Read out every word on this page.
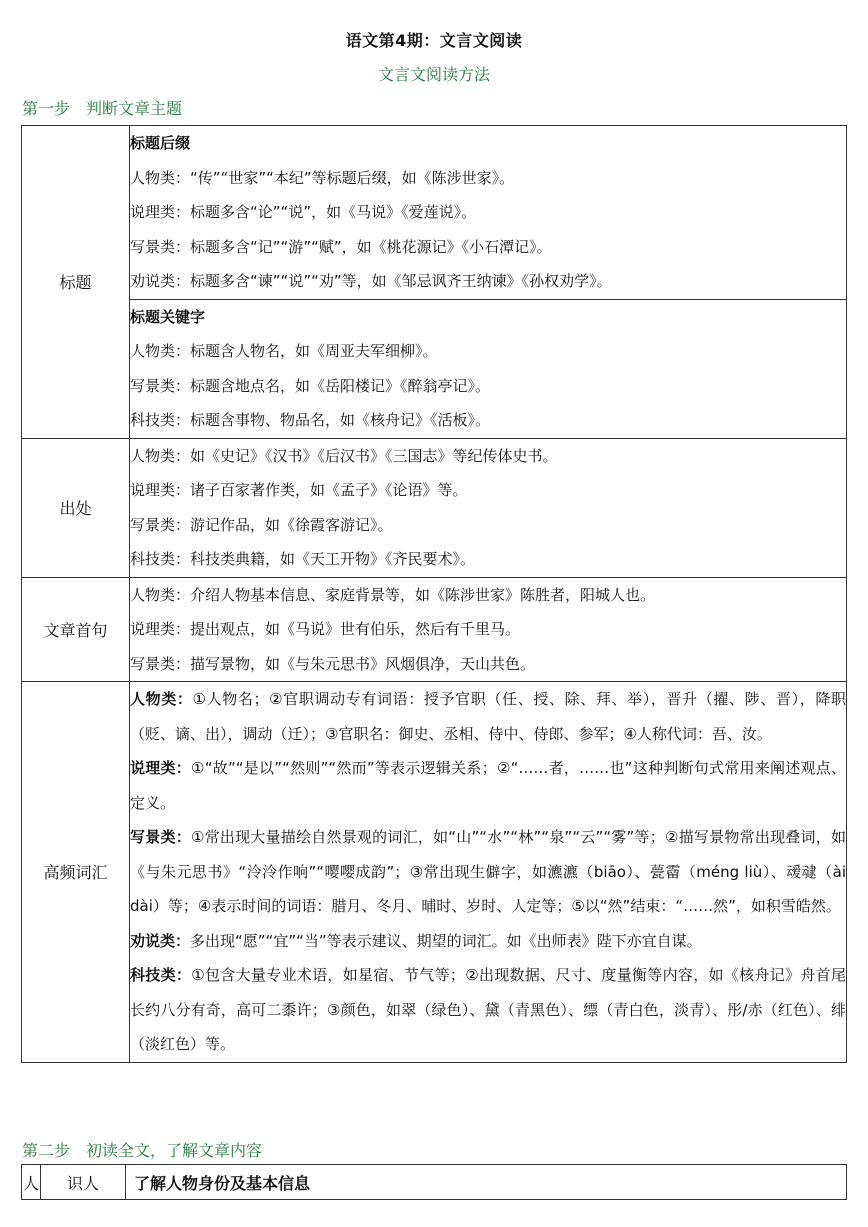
语文第4期：文言文阅读
文言文阅读方法
第一步 判断文章主题
标题	标题后缀
人物类：“传”“世家”“本纪”等标题后缀，如《陈涉世家》。
说理类：标题多含“论”“说”，如《马说》《爱莲说》。
写景类：标题多含“记”“游”“赋”，如《桃花源记》《小石潭记》。
劝说类：标题多含“谏”“说”“劝”等，如《邹忌讽齐王纳谏》《孙权劝学》。

	标题关键字
人物类：标题含人物名，如《周亚夫军细柳》。
写景类：标题含地点名，如《岳阳楼记》《醉翁亭记》。
科技类：标题含事物、物品名，如《核舟记》《活板》。

出处	人物类：如《史记》《汉书》《后汉书》《三国志》等纪传体史书。
说理类：诸子百家著作类，如《孟子》《论语》等。
写景类：游记作品，如《徐霞客游记》。
科技类：科技类典籍，如《天工开物》《齐民要术》。

文章首句	人物类：介绍人物基本信息、家庭背景等，如《陈涉世家》陈胜者，阳城人也。
说理类：提出观点，如《马说》世有伯乐，然后有千里马。
写景类：描写景物，如《与朱元思书》风烟俱净，天山共色。

高频词汇	人物类：①人物名；②官职调动专有词语：授予官职（任、授、除、拜、举），晋升（擢、陟、晋），降职（贬、谪、出），调动（迁）；③官职名：御史、丞相、侍中、侍郎、参军；④人称代词：吾、汝。
说理类：①“故”“是以”“然则”“然而”等表示逻辑关系；②“……者，……也”这种判断句式常用来阐述观点、定义。
写景类：①常出现大量描绘自然景观的词汇，如“山”“水”“林”“泉”“云”“雾”等；②描写景物常出现叠词，如《与朱元思书》“泠泠作响”“嘤嘤成韵”；③常出现生僻字，如瀌瀌（biāo）、甍霤（méng liù）、叆叇（ài dài）等；④表示时间的词语：腊月、冬月、晡时、岁时、人定等；⑤以“然”结束：“……然”，如积雪皓然。
劝说类：多出现“愿”“宜”“当”等表示建议、期望的词汇。如《出师表》陛下亦宜自谋。
科技类：①包含大量专业术语，如星宿、节气等；②出现数据、尺寸、度量衡等内容，如《核舟记》舟首尾长约八分有奇，高可二黍许；③颜色，如翠（绿色）、黛（青黑色）、缥（青白色，淡青）、彤/赤（红色）、绯（淡红色）等。
第二步 初读全文，了解文章内容
人	识人	了解人物身份及基本信息
